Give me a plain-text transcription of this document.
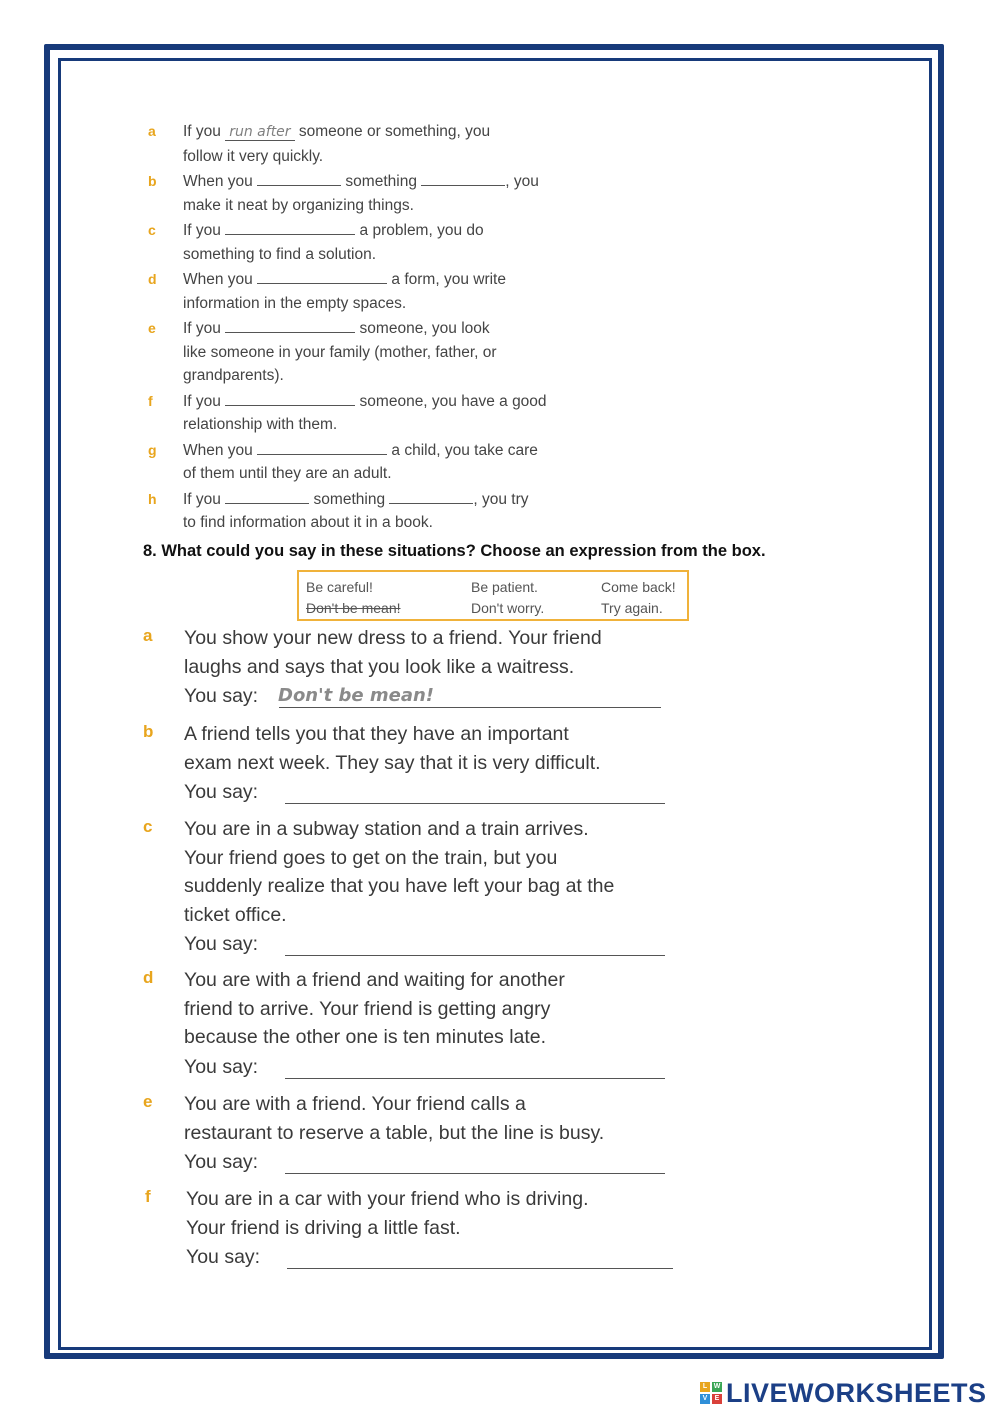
a If you run after someone or something, you
follow it very quickly.
b When you	something	, you
make it neat by organizing things.
c If you	a problem, you do
something to find a solution.
d When you	a form, you write
information in the empty spaces.
e If you	someone, you look
like someone in your family (mother, father, or
grandparents).
f If you	someone, you have a good
relationship with them.
g When you	a child, you take care
of them until they are an adult.
h If you	something	, you try
to find information about it in a book.
8. What could you say in these situations? Choose an expression from the box.
Be careful!	Be patient.	Come back!
Don't be mean!	Don't worry.	Try again.
a	You show your new dress to a friend. Your friend
laughs and says that you look like a waitress.
You say: Don't be mean!
b	A friend tells you that they have an important
exam next week. They say that it is very difficult.
You say:
c	You are in a subway station and a train arrives.
Your friend goes to get on the train, but you
suddenly realize that you have left your bag at the
ticket office.
You say:
d	You are with a friend and waiting for another
friend to arrive. Your friend is getting angry
because the other one is ten minutes late.
You say:
e	You are with a friend. Your friend calls a
restaurant to reserve a table, but the line is busy.
You say:
f	You are in a car with your friend who is driving.
Your friend is driving a little fast.
You say:
L W
V	E LIVEWORKSHEETS
